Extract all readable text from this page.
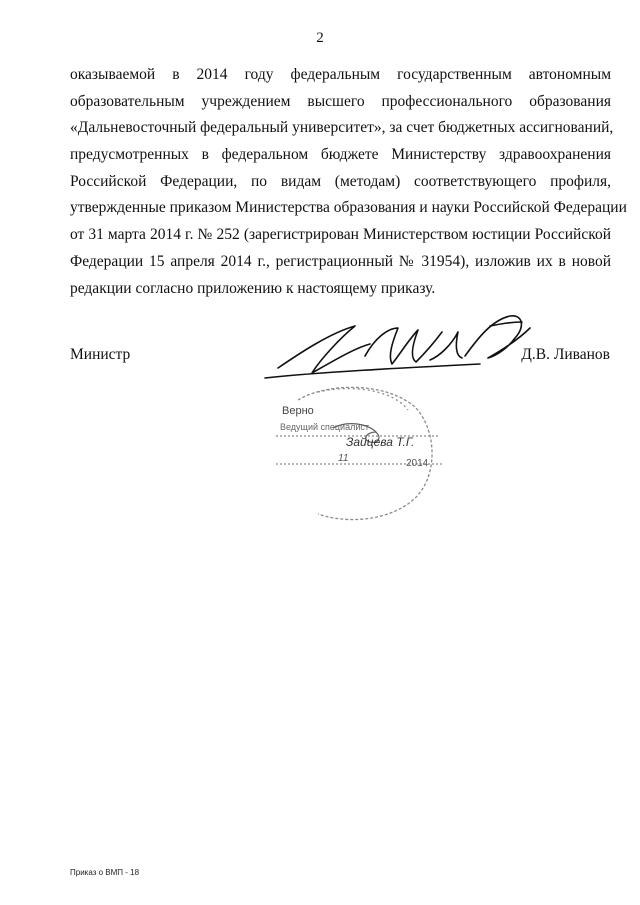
2
оказываемой в 2014 году федеральным государственным автономным
образовательным учреждением высшего профессионального образования
«Дальневосточный федеральный университет», за счет бюджетных ассигнований,
предусмотренных в федеральном бюджете Министерству здравоохранения
Российской Федерации, по видам (методам) соответствующего профиля,
утвержденные приказом Министерства образования и науки Российской Федерации
от 31 марта 2014 г. № 252 (зарегистрирован Министерством юстиции Российской
Федерации 15 апреля 2014 г., регистрационный № 31954), изложив их в новой
редакции согласно приложению к настоящему приказу.
Министр	Д.В. Ливанов
Верно
Ведущий специалист
Зайцева Т.Г.
11	2014
Приказ о ВМП - 18
